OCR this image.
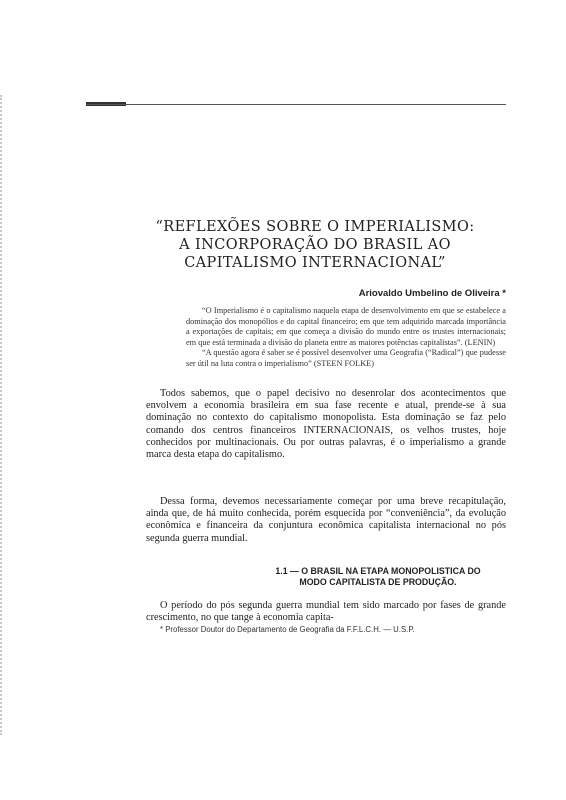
“REFLEXÕES SOBRE O IMPERIALISMO:
A INCORPORAÇÃO DO BRASIL AO
CAPITALISMO INTERNACIONAL”
Ariovaldo Umbelino de Oliveira *

“O Imperialismo é o capitalismo naquela etapa de desenvolvimento em que se estabelece a dominação dos monopólios e do capital financeiro; em que tem adquirido marcada importância a exportações de capitais; em que começa a divisão do mundo entre os trustes internacionais; em que está terminada a divisão do planeta entre as maiores potências capitalistas”. (LENIN)

“A questão agora é saber se é possível desenvolver uma Geografia (“Radical”) que pudesse ser útil na luta contra o imperialismo” (STEEN FOLKE)

Todos sabemos, que o papel decisivo no desenrolar dos acontecimentos que envolvem a economia brasileira em sua fase recente e atual, prende-se à sua dominação no contexto do capitalismo monopolista. Esta dominação se faz pelo comando dos centros financeiros INTERNACIONAIS, os velhos trustes, hoje conhecidos por multinacionais. Ou por outras palavras, é o imperialismo a grande marca desta etapa do capitalismo.

Dessa forma, devemos necessariamente começar por uma breve recapitulação, ainda que, de há muito conhecida, porém esquecida por “conveniência”, da evolução econômica e financeira da conjuntura econômica capitalista internacional no pós segunda guerra mundial.

1.1 — O BRASIL NA ETAPA MONOPOLISTICA DO
MODO CAPITALISTA DE PRODUÇÃO.

O período do pós segunda guerra mundial tem sido marcado por fases de grande crescimento, no que tange à economia capita-

* Professor Doutor do Departamento de Geografia da F.F.L.C.H. — U.S.P.
